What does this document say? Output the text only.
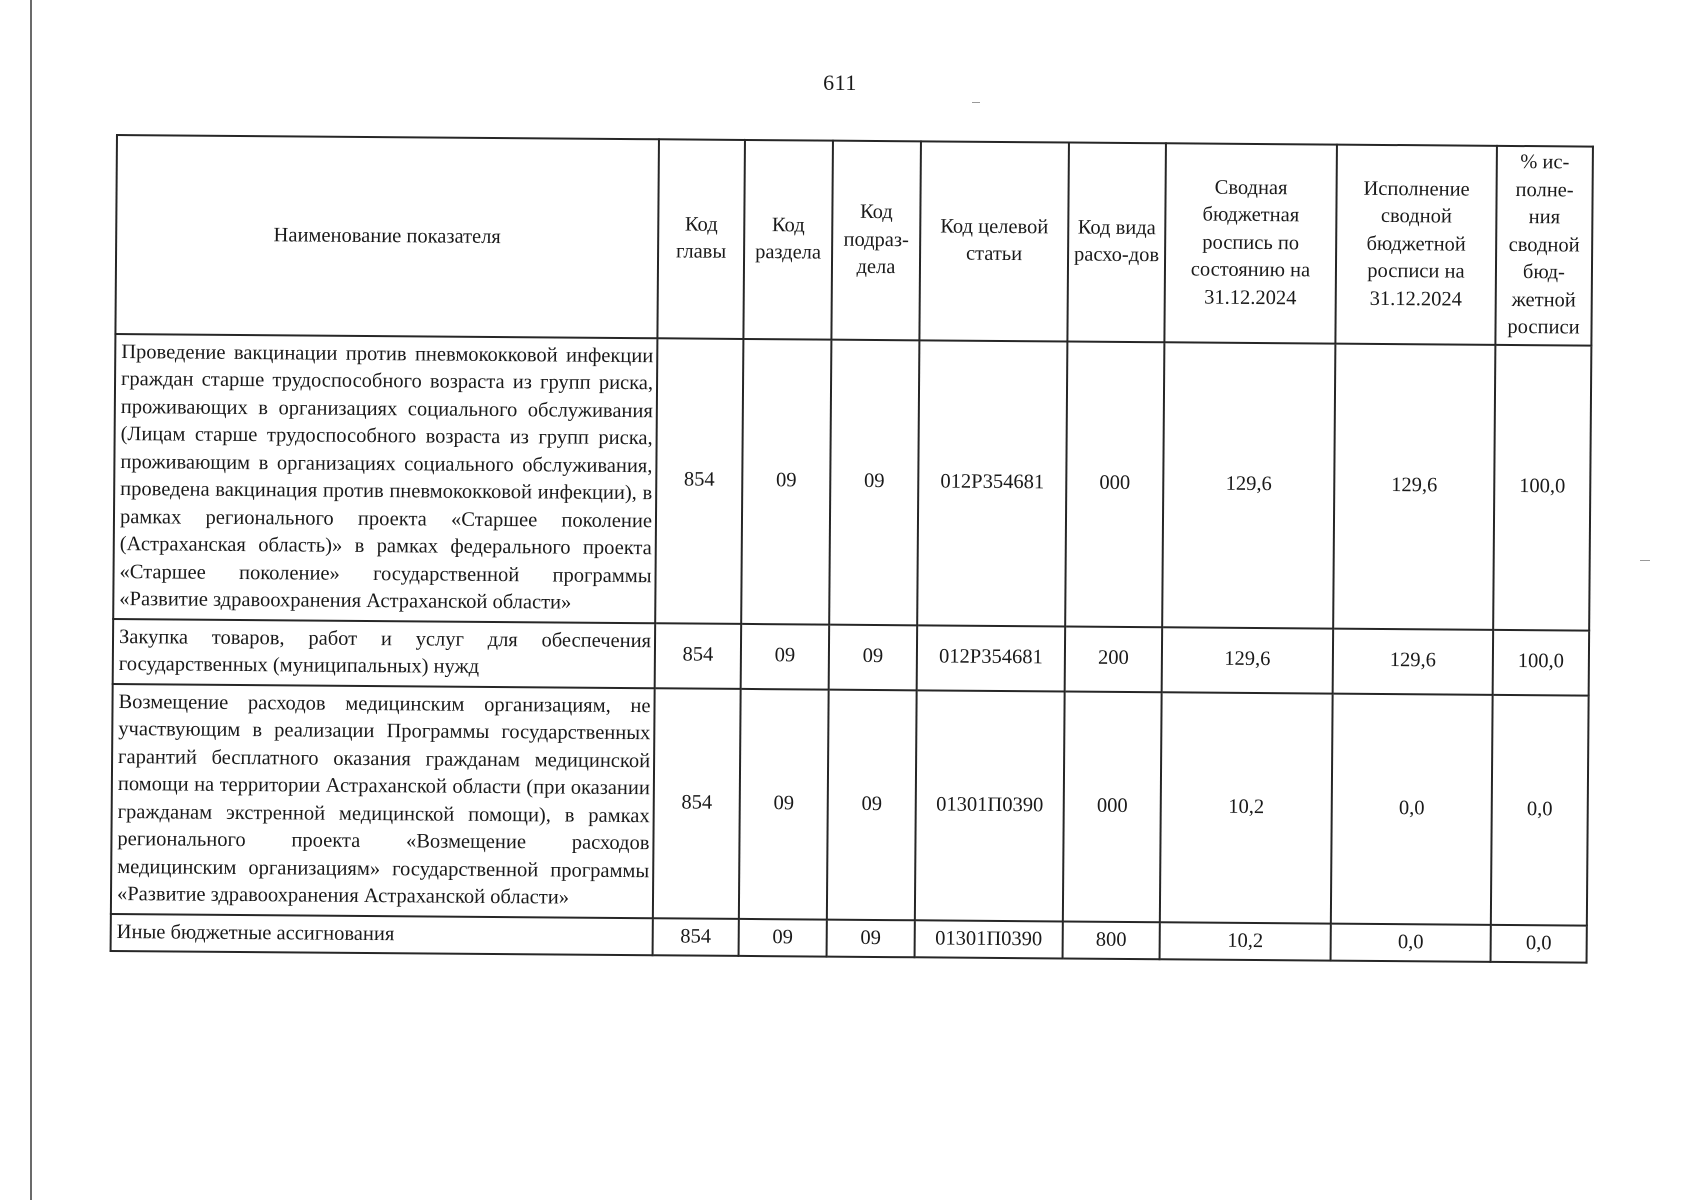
611
Наименование показателя	Код главы	Код раздела	Код подраз-дела	Код целевой статьи	Код вида расхо-дов	Сводная бюджетная роспись по состоянию на 31.12.2024	Исполнение сводной бюджетной росписи на 31.12.2024	% ис-полне-ния сводной бюд-жетной росписи
Проведение вакцинации против пневмококковой инфекции граждан старше трудоспособного возраста из групп риска, проживающих в организациях социального обслуживания (Лицам старше трудоспособного возраста из групп риска, проживающим в организациях социального обслуживания, проведена вакцинация против пневмококковой инфекции), в рамках регионального проекта «Старшее поколение (Астраханская область)» в рамках федерального проекта «Старшее поколение» государственной программы «Развитие здравоохранения Астраханской области»	854	09	09	012P354681	000	129,6	129,6	100,0
Закупка товаров, работ и услуг для обеспечения государственных (муниципальных) нужд	854	09	09	012P354681	200	129,6	129,6	100,0
Возмещение расходов медицинским организациям, не участвующим в реализации Программы государственных гарантий бесплатного оказания гражданам медицинской помощи на территории Астраханской области (при оказании гражданам экстренной медицинской помощи), в рамках регионального проекта «Возмещение расходов медицинским организациям» государственной программы «Развитие здравоохранения Астраханской области»	854	09	09	01301П0390	000	10,2	0,0	0,0
Иные бюджетные ассигнования	854	09	09	01301П0390	800	10,2	0,0	0,0
